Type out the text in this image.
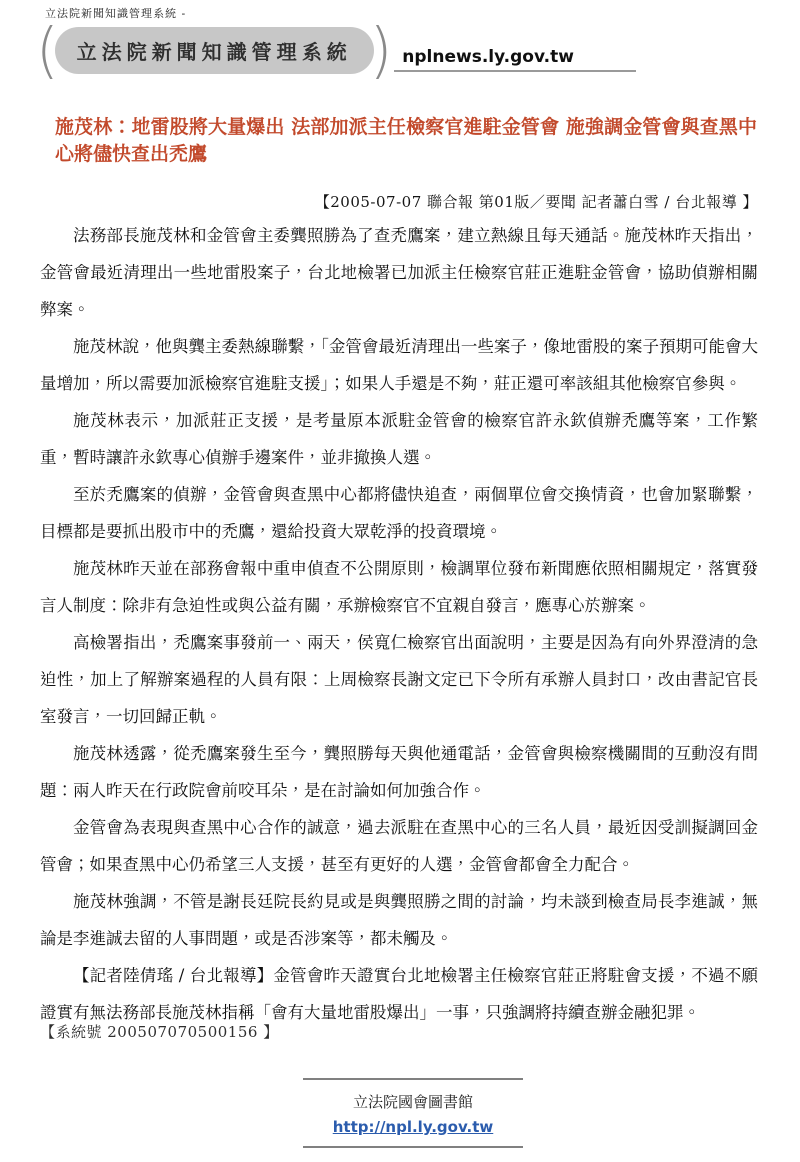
立法院新聞知識管理系統 -
( 立法院新聞知識管理系統 ) nplnews.ly.gov.tw
施茂林：地雷股將大量爆出 法部加派主任檢察官進駐金管會 施強調金管會與查黑中心將儘快查出禿鷹
【2005-07-07 聯合報 第01版／要聞 記者蕭白雪 / 台北報導 】

法務部長施茂林和金管會主委龔照勝為了查禿鷹案，建立熱線且每天通話。施茂林昨天指出，金管會最近清理出一些地雷股案子，台北地檢署已加派主任檢察官莊正進駐金管會，協助偵辦相關弊案。

施茂林說，他與龔主委熱線聯繫，「金管會最近清理出一些案子，像地雷股的案子預期可能會大量增加，所以需要加派檢察官進駐支援」；如果人手還是不夠，莊正還可率該組其他檢察官參與。

施茂林表示，加派莊正支援，是考量原本派駐金管會的檢察官許永欽偵辦禿鷹等案，工作繁重，暫時讓許永欽專心偵辦手邊案件，並非撤換人選。

至於禿鷹案的偵辦，金管會與查黑中心都將儘快追查，兩個單位會交換情資，也會加緊聯繫，目標都是要抓出股市中的禿鷹，還給投資大眾乾淨的投資環境。

施茂林昨天並在部務會報中重申偵查不公開原則，檢調單位發布新聞應依照相關規定，落實發言人制度：除非有急迫性或與公益有關，承辦檢察官不宜親自發言，應專心於辦案。

高檢署指出，禿鷹案事發前一、兩天，侯寬仁檢察官出面說明，主要是因為有向外界澄清的急迫性，加上了解辦案過程的人員有限：上周檢察長謝文定已下令所有承辦人員封口，改由書記官長室發言，一切回歸正軌。

施茂林透露，從禿鷹案發生至今，龔照勝每天與他通電話，金管會與檢察機關間的互動沒有問題：兩人昨天在行政院會前咬耳朵，是在討論如何加強合作。

金管會為表現與查黑中心合作的誠意，過去派駐在查黑中心的三名人員，最近因受訓擬調回金管會；如果查黑中心仍希望三人支援，甚至有更好的人選，金管會都會全力配合。

施茂林強調，不管是謝長廷院長約見或是與龔照勝之間的討論，均未談到檢查局長李進誠，無論是李進誠去留的人事問題，或是否涉案等，都未觸及。

【記者陸倩瑤 / 台北報導】金管會昨天證實台北地檢署主任檢察官莊正將駐會支援，不過不願證實有無法務部長施茂林指稱「會有大量地雷股爆出」一事，只強調將持續查辦金融犯罪。

【系統號 200507070500156 】
立法院國會圖書館
http://npl.ly.gov.tw
